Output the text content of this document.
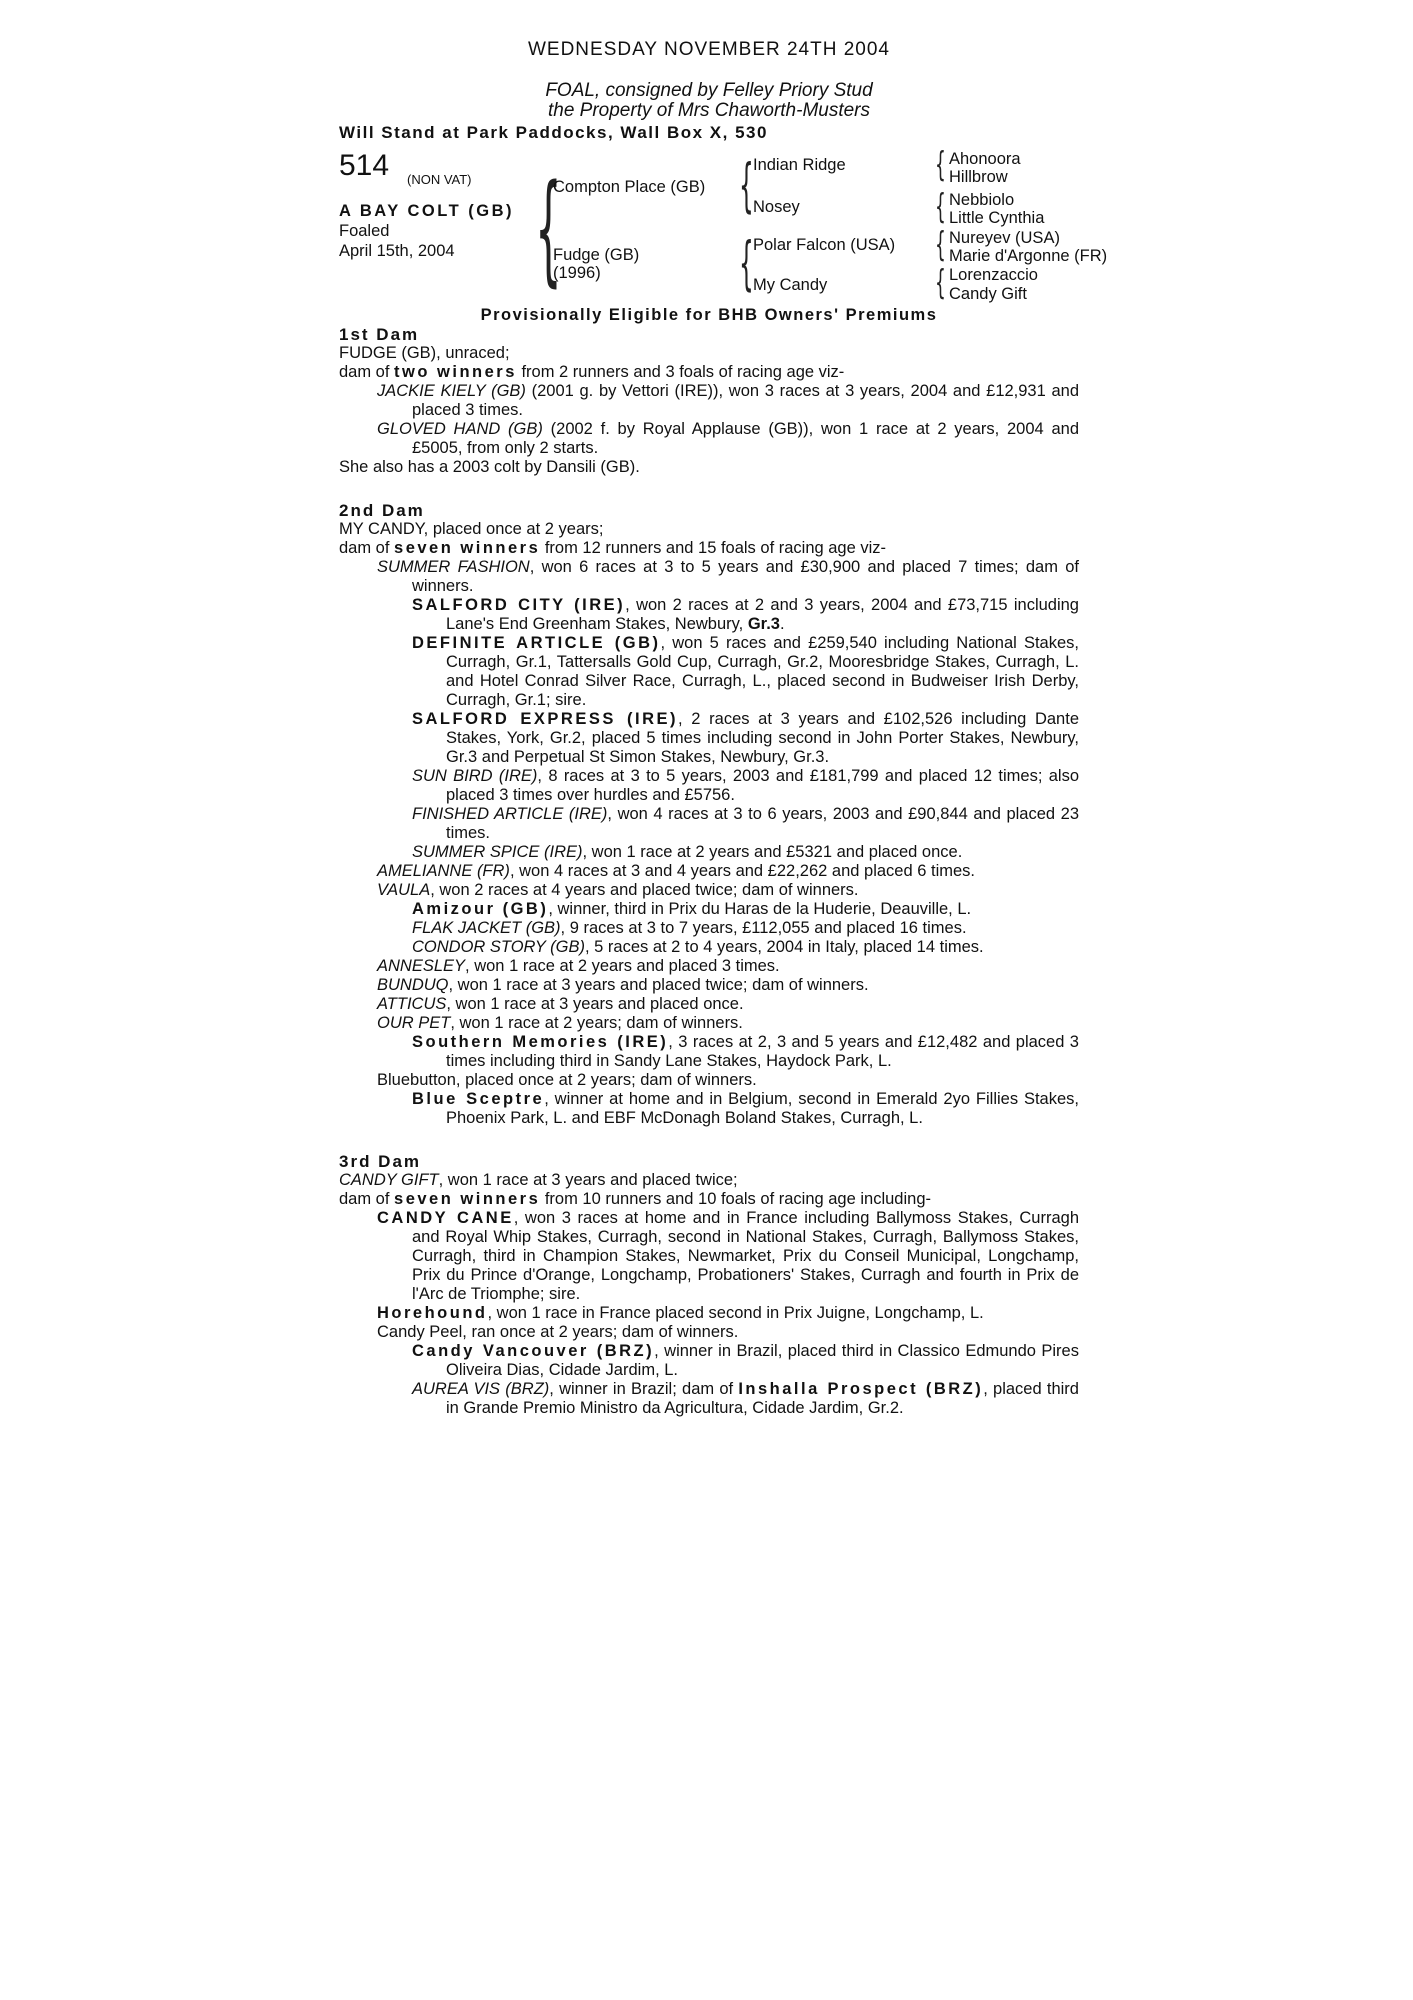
WEDNESDAY NOVEMBER 24TH 2004
FOAL, consigned by Felley Priory Stud
the Property of Mrs Chaworth-Musters
Will Stand at Park Paddocks, Wall Box X, 530
514 (NON VAT)
A BAY COLT (GB)
Foaled
April 15th, 2004 {
Compton Place (GB)
Fudge (GB)
(1996)
{ Indian Ridge
Nosey
{ Polar Falcon (USA)
My Candy
{ Ahonoora
Hillbrow
{ Nebbiolo
Little Cynthia
{ Nureyev (USA)
Marie d'Argonne (FR)
{ Lorenzaccio
Candy Gift
Provisionally Eligible for BHB Owners' Premiums
1st Dam
FUDGE (GB), unraced;
dam of two winners from 2 runners and 3 foals of racing age viz-
JACKIE KIELY (GB) (2001 g. by Vettori (IRE)), won 3 races at 3 years, 2004 and £12,931 and placed 3 times.
GLOVED HAND (GB) (2002 f. by Royal Applause (GB)), won 1 race at 2 years, 2004 and £5005, from only 2 starts.
She also has a 2003 colt by Dansili (GB).
2nd Dam
MY CANDY, placed once at 2 years;
dam of seven winners from 12 runners and 15 foals of racing age viz-
SUMMER FASHION, won 6 races at 3 to 5 years and £30,900 and placed 7 times; dam of winners.
SALFORD CITY (IRE), won 2 races at 2 and 3 years, 2004 and £73,715 including Lane's End Greenham Stakes, Newbury, Gr.3.
DEFINITE ARTICLE (GB), won 5 races and £259,540 including National Stakes, Curragh, Gr.1, Tattersalls Gold Cup, Curragh, Gr.2, Mooresbridge Stakes, Curragh, L. and Hotel Conrad Silver Race, Curragh, L., placed second in Budweiser Irish Derby, Curragh, Gr.1; sire.
SALFORD EXPRESS (IRE), 2 races at 3 years and £102,526 including Dante Stakes, York, Gr.2, placed 5 times including second in John Porter Stakes, Newbury, Gr.3 and Perpetual St Simon Stakes, Newbury, Gr.3.
SUN BIRD (IRE), 8 races at 3 to 5 years, 2003 and £181,799 and placed 12 times; also placed 3 times over hurdles and £5756.
FINISHED ARTICLE (IRE), won 4 races at 3 to 6 years, 2003 and £90,844 and placed 23 times.
SUMMER SPICE (IRE), won 1 race at 2 years and £5321 and placed once.
AMELIANNE (FR), won 4 races at 3 and 4 years and £22,262 and placed 6 times.
VAULA, won 2 races at 4 years and placed twice; dam of winners.
Amizour (GB), winner, third in Prix du Haras de la Huderie, Deauville, L.
FLAK JACKET (GB), 9 races at 3 to 7 years, £112,055 and placed 16 times.
CONDOR STORY (GB), 5 races at 2 to 4 years, 2004 in Italy, placed 14 times.
ANNESLEY, won 1 race at 2 years and placed 3 times.
BUNDUQ, won 1 race at 3 years and placed twice; dam of winners.
ATTICUS, won 1 race at 3 years and placed once.
OUR PET, won 1 race at 2 years; dam of winners.
Southern Memories (IRE), 3 races at 2, 3 and 5 years and £12,482 and placed 3 times including third in Sandy Lane Stakes, Haydock Park, L.
Bluebutton, placed once at 2 years; dam of winners.
Blue Sceptre, winner at home and in Belgium, second in Emerald 2yo Fillies Stakes, Phoenix Park, L. and EBF McDonagh Boland Stakes, Curragh, L.
3rd Dam
CANDY GIFT, won 1 race at 3 years and placed twice;
dam of seven winners from 10 runners and 10 foals of racing age including-
CANDY CANE, won 3 races at home and in France including Ballymoss Stakes, Curragh and Royal Whip Stakes, Curragh, second in National Stakes, Curragh, Ballymoss Stakes, Curragh, third in Champion Stakes, Newmarket, Prix du Conseil Municipal, Longchamp, Prix du Prince d'Orange, Longchamp, Probationers' Stakes, Curragh and fourth in Prix de l'Arc de Triomphe; sire.
Horehound, won 1 race in France placed second in Prix Juigne, Longchamp, L.
Candy Peel, ran once at 2 years; dam of winners.
Candy Vancouver (BRZ), winner in Brazil, placed third in Classico Edmundo Pires Oliveira Dias, Cidade Jardim, L.
AUREA VIS (BRZ), winner in Brazil; dam of Inshalla Prospect (BRZ), placed third in Grande Premio Ministro da Agricultura, Cidade Jardim, Gr.2.
